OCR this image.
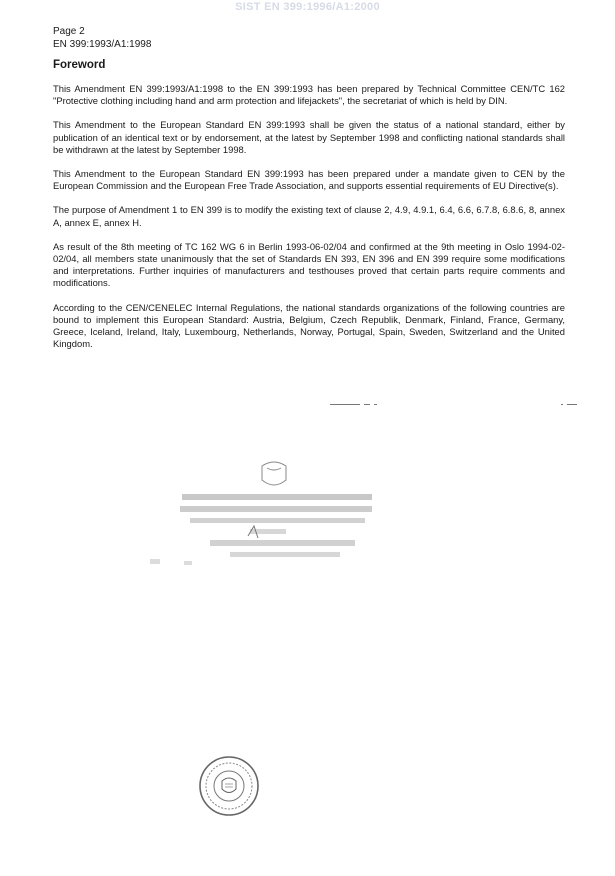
SIST EN 399:1996/A1:2000
Page 2
EN 399:1993/A1:1998
Foreword

This Amendment EN 399:1993/A1:1998 to the EN 399:1993 has been prepared by Technical Committee CEN/TC 162 "Protective clothing including hand and arm protection and lifejackets", the secretariat of which is held by DIN.

This Amendment to the European Standard EN 399:1993 shall be given the status of a national standard, either by publication of an identical text or by endorsement, at the latest by September 1998 and conflicting national standards shall be withdrawn at the latest by September 1998.

This Amendment to the European Standard EN 399:1993 has been prepared under a mandate given to CEN by the European Commission and the European Free Trade Association, and supports essential requirements of EU Directive(s).

The purpose of Amendment 1 to EN 399 is to modify the existing text of clause 2, 4.9, 4.9.1, 6.4, 6.6, 6.7.8, 6.8.6, 8, annex A, annex E, annex H.

As result of the 8th meeting of TC 162 WG 6 in Berlin 1993-06-02/04 and confirmed at the 9th meeting in Oslo 1994-02-02/04, all members state unanimously that the set of Standards EN 393, EN 396 and EN 399 require some modifications and interpretations. Further inquiries of manufacturers and testhouses proved that certain parts require comments and modifications.

According to the CEN/CENELEC Internal Regulations, the national standards organizations of the following countries are bound to implement this European Standard: Austria, Belgium, Czech Republik, Denmark, Finland, France, Germany, Greece, Iceland, Ireland, Italy, Luxembourg, Netherlands, Norway, Portugal, Spain, Sweden, Switzerland and the United Kingdom.
